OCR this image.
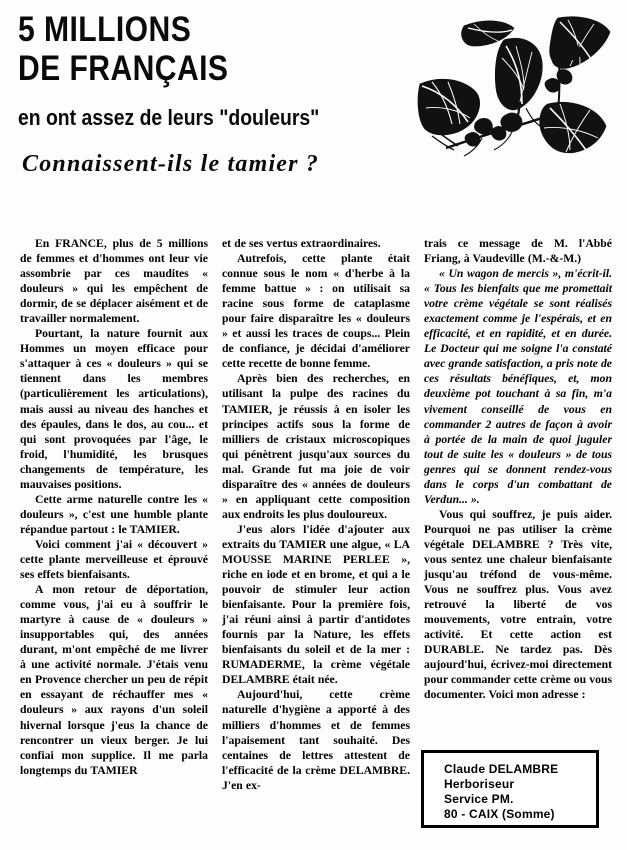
5 MILLIONS
DE FRANÇAIS
en ont assez de leurs "douleurs"
Connaissent-ils le tamier ?

En FRANCE, plus de 5 millions de femmes et d'hommes ont leur vie assombrie par ces maudites « douleurs » qui les empêchent de dormir, de se déplacer aisément et de travailler normalement.

Pourtant, la nature fournit aux Hommes un moyen efficace pour s'attaquer à ces « douleurs » qui se tiennent dans les membres (particulièrement les articulations), mais aussi au niveau des hanches et des épaules, dans le dos, au cou... et qui sont provoquées par l'âge, le froid, l'humidité, les brusques changements de température, les mauvaises positions.

Cette arme naturelle contre les « douleurs », c'est une humble plante répandue partout : le TAMIER.

Voici comment j'ai « découvert » cette plante merveilleuse et éprouvé ses effets bienfaisants.

A mon retour de déportation, comme vous, j'ai eu à souffrir le martyre à cause de « douleurs » insupportables qui, des années durant, m'ont empêché de me livrer à une activité normale. J'étais venu en Provence chercher un peu de répit en essayant de réchauffer mes « douleurs » aux rayons d'un soleil hivernal lorsque j'eus la chance de rencontrer un vieux berger. Je lui confiai mon supplice. Il me parla longtemps du TAMIER

et de ses vertus extraordinaires.

Autrefois, cette plante était connue sous le nom « d'herbe à la femme battue » : on utilisait sa racine sous forme de cataplasme pour faire disparaître les « douleurs » et aussi les traces de coups... Plein de confiance, je décidai d'améliorer cette recette de bonne femme.

Après bien des recherches, en utilisant la pulpe des racines du TAMIER, je réussis à en isoler les principes actifs sous la forme de milliers de cristaux microscopiques qui pénètrent jusqu'aux sources du mal. Grande fut ma joie de voir disparaître des « années de douleurs » en appliquant cette composition aux endroits les plus douloureux.

J'eus alors l'idée d'ajouter aux extraits du TAMIER une algue, « LA MOUSSE MARINE PERLEE », riche en iode et en brome, et qui a le pouvoir de stimuler leur action bienfaisante. Pour la première fois, j'ai réuni ainsi à partir d'antidotes fournis par la Nature, les effets bienfaisants du soleil et de la mer : RUMADERME, la crème végétale DELAMBRE était née.

Aujourd'hui, cette crème naturelle d'hygiène a apporté à des milliers d'hommes et de femmes l'apaisement tant souhaité. Des centaines de lettres attestent de l'efficacité de la crème DELAMBRE. J'en ex-

trais ce message de M. l'Abbé Friang, à Vaudeville (M.-&-M.)

« Un wagon de mercis », m'écrit-il. « Tous les bienfaits que me promettait votre crème végétale se sont réalisés exactement comme je l'espérais, et en efficacité, et en rapidité, et en durée. Le Docteur qui me soigne l'a constaté avec grande satisfaction, a pris note de ces résultats bénéfiques, et, mon deuxième pot touchant à sa fin, m'a vivement conseillé de vous en commander 2 autres de façon à avoir à portée de la main de quoi juguler tout de suite les « douleurs » de tous genres qui se donnent rendez-vous dans le corps d'un combattant de Verdun... ».

Vous qui souffrez, je puis aider. Pourquoi ne pas utiliser la crème végétale DELAMBRE ? Très vite, vous sentez une chaleur bienfaisante jusqu'au tréfond de vous-même. Vous ne souffrez plus. Vous avez retrouvé la liberté de vos mouvements, votre entrain, votre activité. Et cette action est DURABLE. Ne tardez pas. Dès aujourd'hui, écrivez-moi directement pour commander cette crème ou vous documenter. Voici mon adresse :

Claude DELAMBRE
Herboriseur
Service PM.
80 - CAIX (Somme)
